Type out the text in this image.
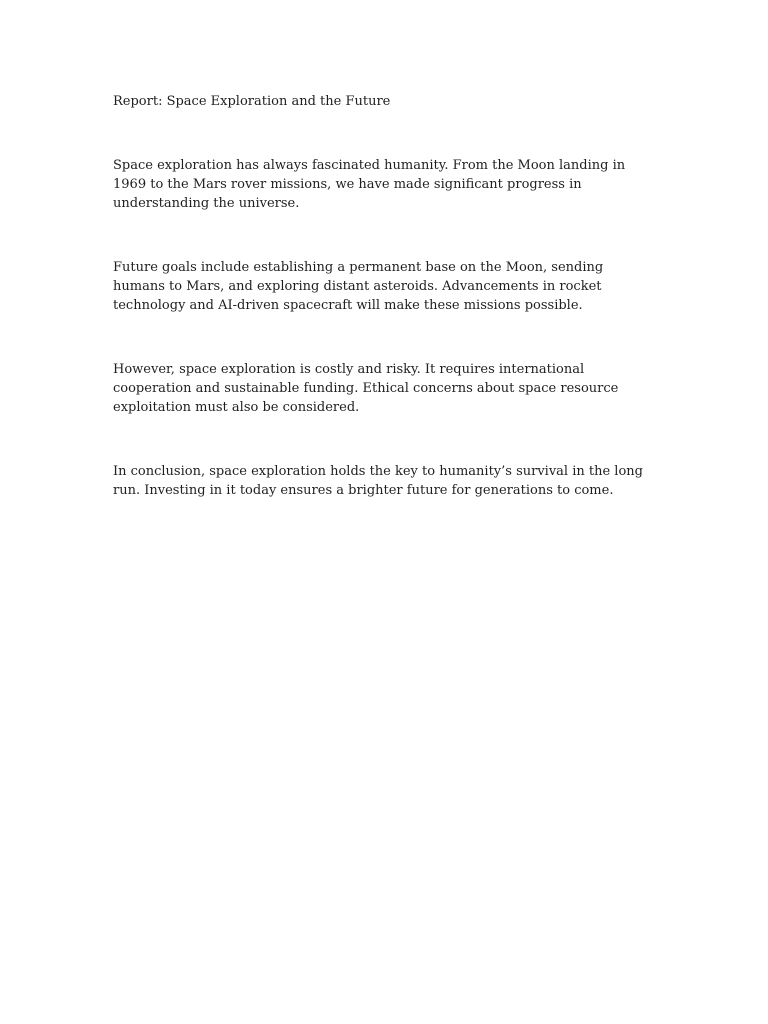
Report: Space Exploration and the Future

Space exploration has always fascinated humanity. From the Moon landing in 1969 to the Mars rover missions, we have made significant progress in understanding the universe.

Future goals include establishing a permanent base on the Moon, sending humans to Mars, and exploring distant asteroids. Advancements in rocket technology and AI-driven spacecraft will make these missions possible.

However, space exploration is costly and risky. It requires international cooperation and sustainable funding. Ethical concerns about space resource exploitation must also be considered.

In conclusion, space exploration holds the key to humanity’s survival in the long run. Investing in it today ensures a brighter future for generations to come.
